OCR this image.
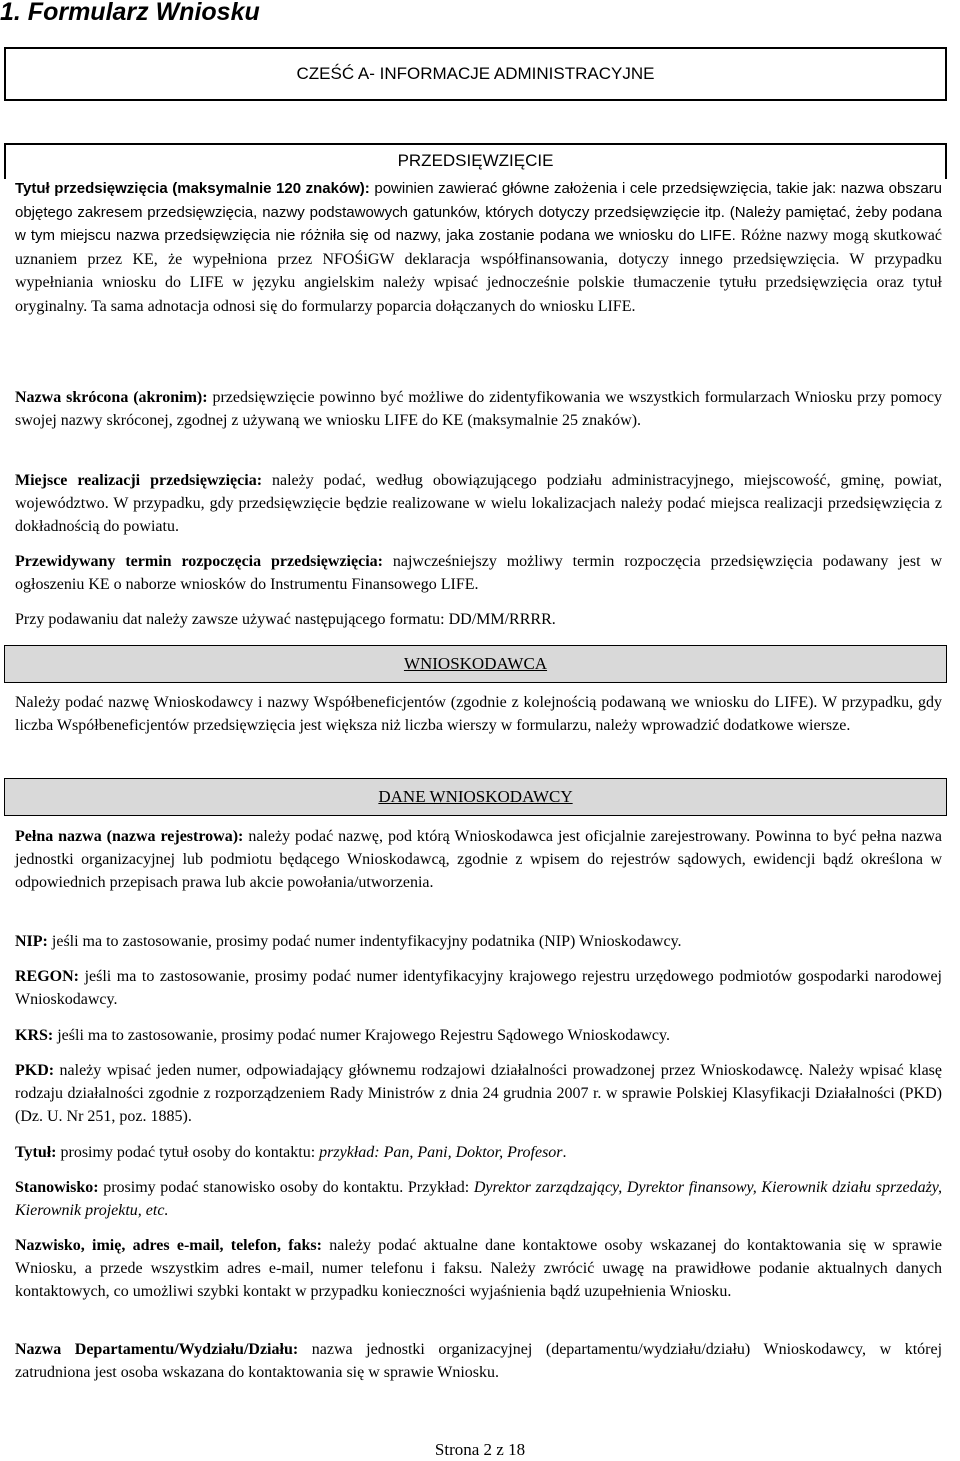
1. Formularz Wniosku
CZEŚĆ A- INFORMACJE ADMINISTRACYJNE
PRZEDSIĘWZIĘCIE

Tytuł przedsięwzięcia (maksymalnie 120 znaków): powinien zawierać główne założenia i cele przedsięwzięcia, takie jak: nazwa obszaru objętego zakresem przedsięwzięcia, nazwy podstawowych gatunków, których dotyczy przedsięwzięcie itp. (Należy pamiętać, żeby podana w tym miejscu nazwa przedsięwzięcia nie różniła się od nazwy, jaka zostanie podana we wniosku do LIFE. Różne nazwy mogą skutkować uznaniem przez KE, że wypełniona przez NFOŚiGW deklaracja współfinansowania, dotyczy innego przedsięwzięcia. W przypadku wypełniania wniosku do LIFE w języku angielskim należy wpisać jednocześnie polskie tłumaczenie tytułu przedsięwzięcia oraz tytuł oryginalny. Ta sama adnotacja odnosi się do formularzy poparcia dołączanych do wniosku LIFE.

Nazwa skrócona (akronim): przedsięwzięcie powinno być możliwe do zidentyfikowania we wszystkich formularzach Wniosku przy pomocy swojej nazwy skróconej, zgodnej z używaną we wniosku LIFE do KE (maksymalnie 25 znaków).

Miejsce realizacji przedsięwzięcia: należy podać, według obowiązującego podziału administracyjnego, miejscowość, gminę, powiat, województwo. W przypadku, gdy przedsięwzięcie będzie realizowane w wielu lokalizacjach należy podać miejsca realizacji przedsięwzięcia z dokładnością do powiatu.

Przewidywany termin rozpoczęcia przedsięwzięcia: najwcześniejszy możliwy termin rozpoczęcia przedsięwzięcia podawany jest w ogłoszeniu KE o naborze wniosków do Instrumentu Finansowego LIFE.

Przy podawaniu dat należy zawsze używać następującego formatu: DD/MM/RRRR.

WNIOSKODAWCA

Należy podać nazwę Wnioskodawcy i nazwy Współbeneficjentów (zgodnie z kolejnością podawaną we wniosku do LIFE). W przypadku, gdy liczba Współbeneficjentów przedsięwzięcia jest większa niż liczba wierszy w formularzu, należy wprowadzić dodatkowe wiersze.

DANE WNIOSKODAWCY

Pełna nazwa (nazwa rejestrowa): należy podać nazwę, pod którą Wnioskodawca jest oficjalnie zarejestrowany. Powinna to być pełna nazwa jednostki organizacyjnej lub podmiotu będącego Wnioskodawcą, zgodnie z wpisem do rejestrów sądowych, ewidencji bądź określona w odpowiednich przepisach prawa lub akcie powołania/utworzenia.

NIP: jeśli ma to zastosowanie, prosimy podać numer indentyfikacyjny podatnika (NIP) Wnioskodawcy.

REGON: jeśli ma to zastosowanie, prosimy podać numer identyfikacyjny krajowego rejestru urzędowego podmiotów gospodarki narodowej Wnioskodawcy.

KRS: jeśli ma to zastosowanie, prosimy podać numer Krajowego Rejestru Sądowego Wnioskodawcy.

PKD: należy wpisać jeden numer, odpowiadający głównemu rodzajowi działalności prowadzonej przez Wnioskodawcę. Należy wpisać klasę rodzaju działalności zgodnie z rozporządzeniem Rady Ministrów z dnia 24 grudnia 2007 r. w sprawie Polskiej Klasyfikacji Działalności (PKD) (Dz. U. Nr 251, poz. 1885).

Tytuł: prosimy podać tytuł osoby do kontaktu: przykład: Pan, Pani, Doktor, Profesor.

Stanowisko: prosimy podać stanowisko osoby do kontaktu. Przykład: Dyrektor zarządzający, Dyrektor finansowy, Kierownik działu sprzedaży, Kierownik projektu, etc.

Nazwisko, imię, adres e-mail, telefon, faks: należy podać aktualne dane kontaktowe osoby wskazanej do kontaktowania się w sprawie Wniosku, a przede wszystkim adres e-mail, numer telefonu i faksu. Należy zwrócić uwagę na prawidłowe podanie aktualnych danych kontaktowych, co umożliwi szybki kontakt w przypadku konieczności wyjaśnienia bądź uzupełnienia Wniosku.

Nazwa Departamentu/Wydziału/Działu: nazwa jednostki organizacyjnej (departamentu/wydziału/działu) Wnioskodawcy, w której zatrudniona jest osoba wskazana do kontaktowania się w sprawie Wniosku.

Strona 2 z 18
